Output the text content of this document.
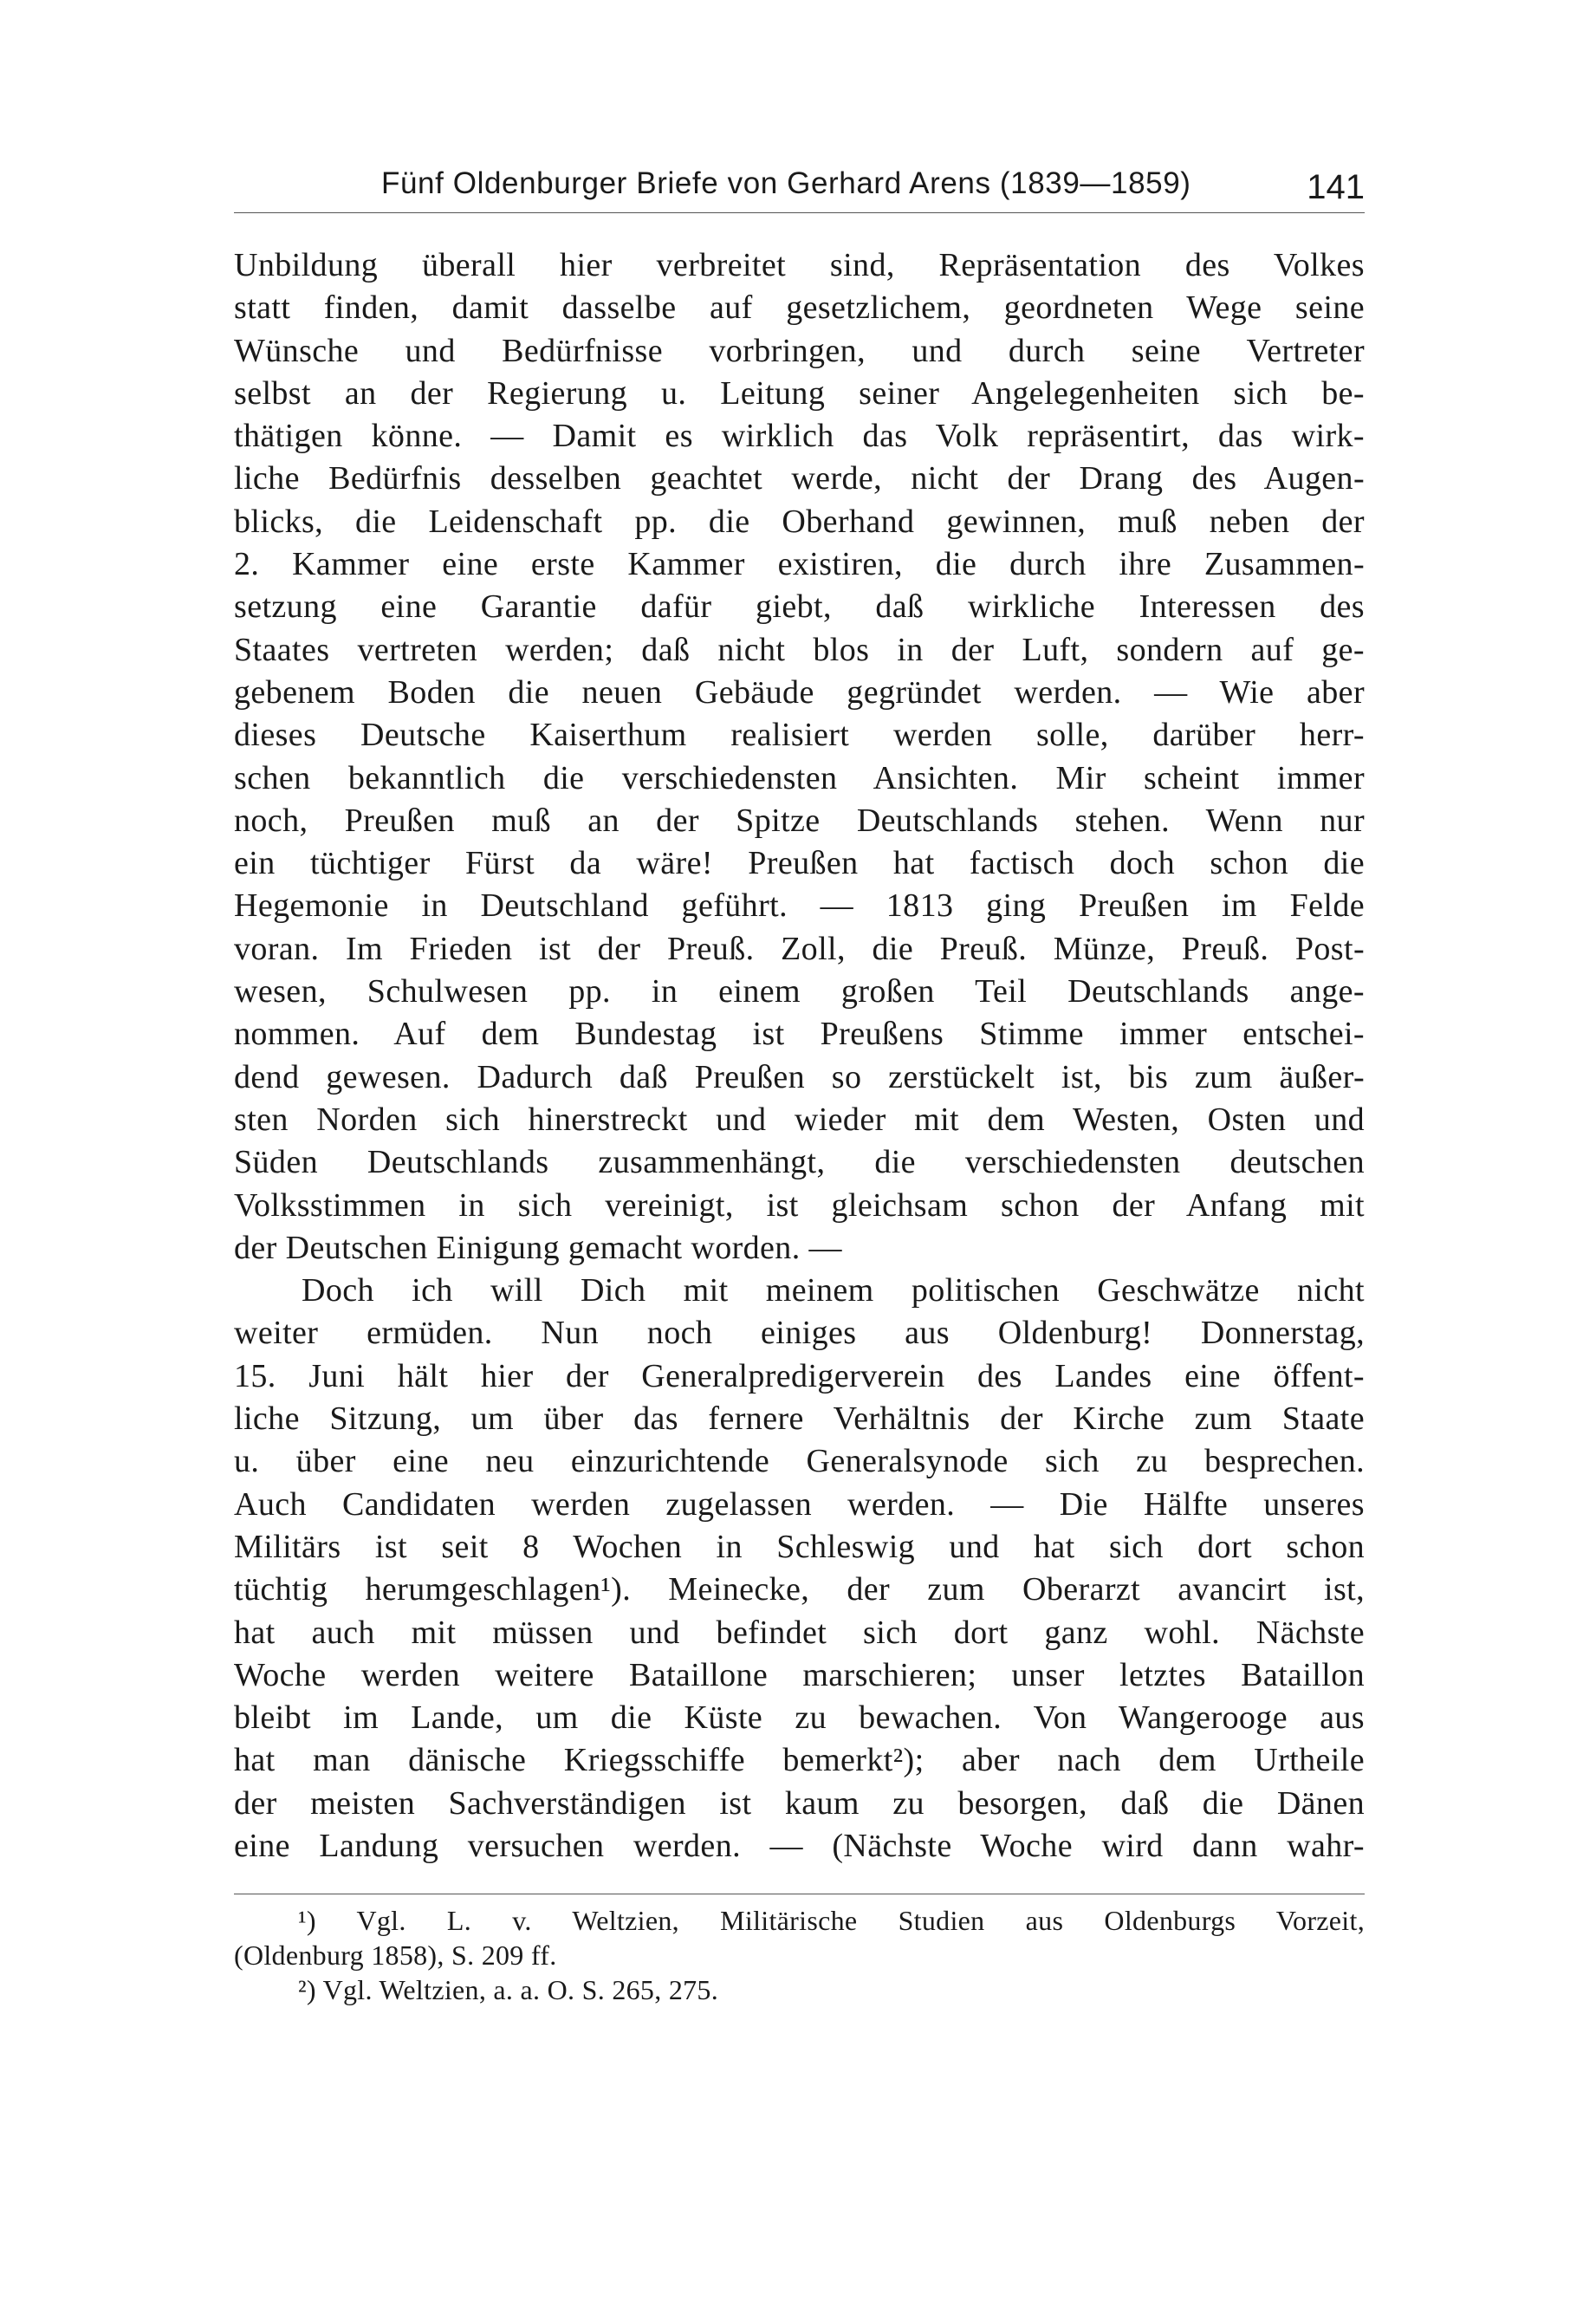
Fünf Oldenburger Briefe von Gerhard Arens (1839—1859)	141
Unbildung überall hier verbreitet sind, Repräsentation des Volkes
statt finden, damit dasselbe auf gesetzlichem, geordneten Wege seine
Wünsche und Bedürfnisse vorbringen, und durch seine Vertreter
selbst an der Regierung u. Leitung seiner Angelegenheiten sich be-
thätigen könne. — Damit es wirklich das Volk repräsentirt, das wirk-
liche Bedürfnis desselben geachtet werde, nicht der Drang des Augen-
blicks, die Leidenschaft pp. die Oberhand gewinnen, muß neben der
2. Kammer eine erste Kammer existiren, die durch ihre Zusammen-
setzung eine Garantie dafür giebt, daß wirkliche Interessen des
Staates vertreten werden; daß nicht blos in der Luft, sondern auf ge-
gebenem Boden die neuen Gebäude gegründet werden. — Wie aber
dieses Deutsche Kaiserthum realisiert werden solle, darüber herr-
schen bekanntlich die verschiedensten Ansichten. Mir scheint immer
noch, Preußen muß an der Spitze Deutschlands stehen. Wenn nur
ein tüchtiger Fürst da wäre! Preußen hat factisch doch schon die
Hegemonie in Deutschland geführt. — 1813 ging Preußen im Felde
voran. Im Frieden ist der Preuß. Zoll, die Preuß. Münze, Preuß. Post-
wesen, Schulwesen pp. in einem großen Teil Deutschlands ange-
nommen. Auf dem Bundestag ist Preußens Stimme immer entschei-
dend gewesen. Dadurch daß Preußen so zerstückelt ist, bis zum äußer-
sten Norden sich hinerstreckt und wieder mit dem Westen, Osten und
Süden Deutschlands zusammenhängt, die verschiedensten deutschen
Volksstimmen in sich vereinigt, ist gleichsam schon der Anfang mit
der Deutschen Einigung gemacht worden. —
Doch ich will Dich mit meinem politischen Geschwätze nicht
weiter ermüden. Nun noch einiges aus Oldenburg! Donnerstag,
15. Juni hält hier der Generalpredigerverein des Landes eine öffent-
liche Sitzung, um über das fernere Verhältnis der Kirche zum Staate
u. über eine neu einzurichtende Generalsynode sich zu besprechen.
Auch Candidaten werden zugelassen werden. — Die Hälfte unseres
Militärs ist seit 8 Wochen in Schleswig und hat sich dort schon
tüchtig herumgeschlagen¹). Meinecke, der zum Oberarzt avancirt ist,
hat auch mit müssen und befindet sich dort ganz wohl. Nächste
Woche werden weitere Bataillone marschieren; unser letztes Bataillon
bleibt im Lande, um die Küste zu bewachen. Von Wangerooge aus
hat man dänische Kriegsschiffe bemerkt²); aber nach dem Urtheile
der meisten Sachverständigen ist kaum zu besorgen, daß die Dänen
eine Landung versuchen werden. — (Nächste Woche wird dann wahr-
¹) Vgl. L. v. Weltzien, Militärische Studien aus Oldenburgs Vorzeit,
(Oldenburg 1858), S. 209 ff.
²) Vgl. Weltzien, a. a. O. S. 265, 275.
